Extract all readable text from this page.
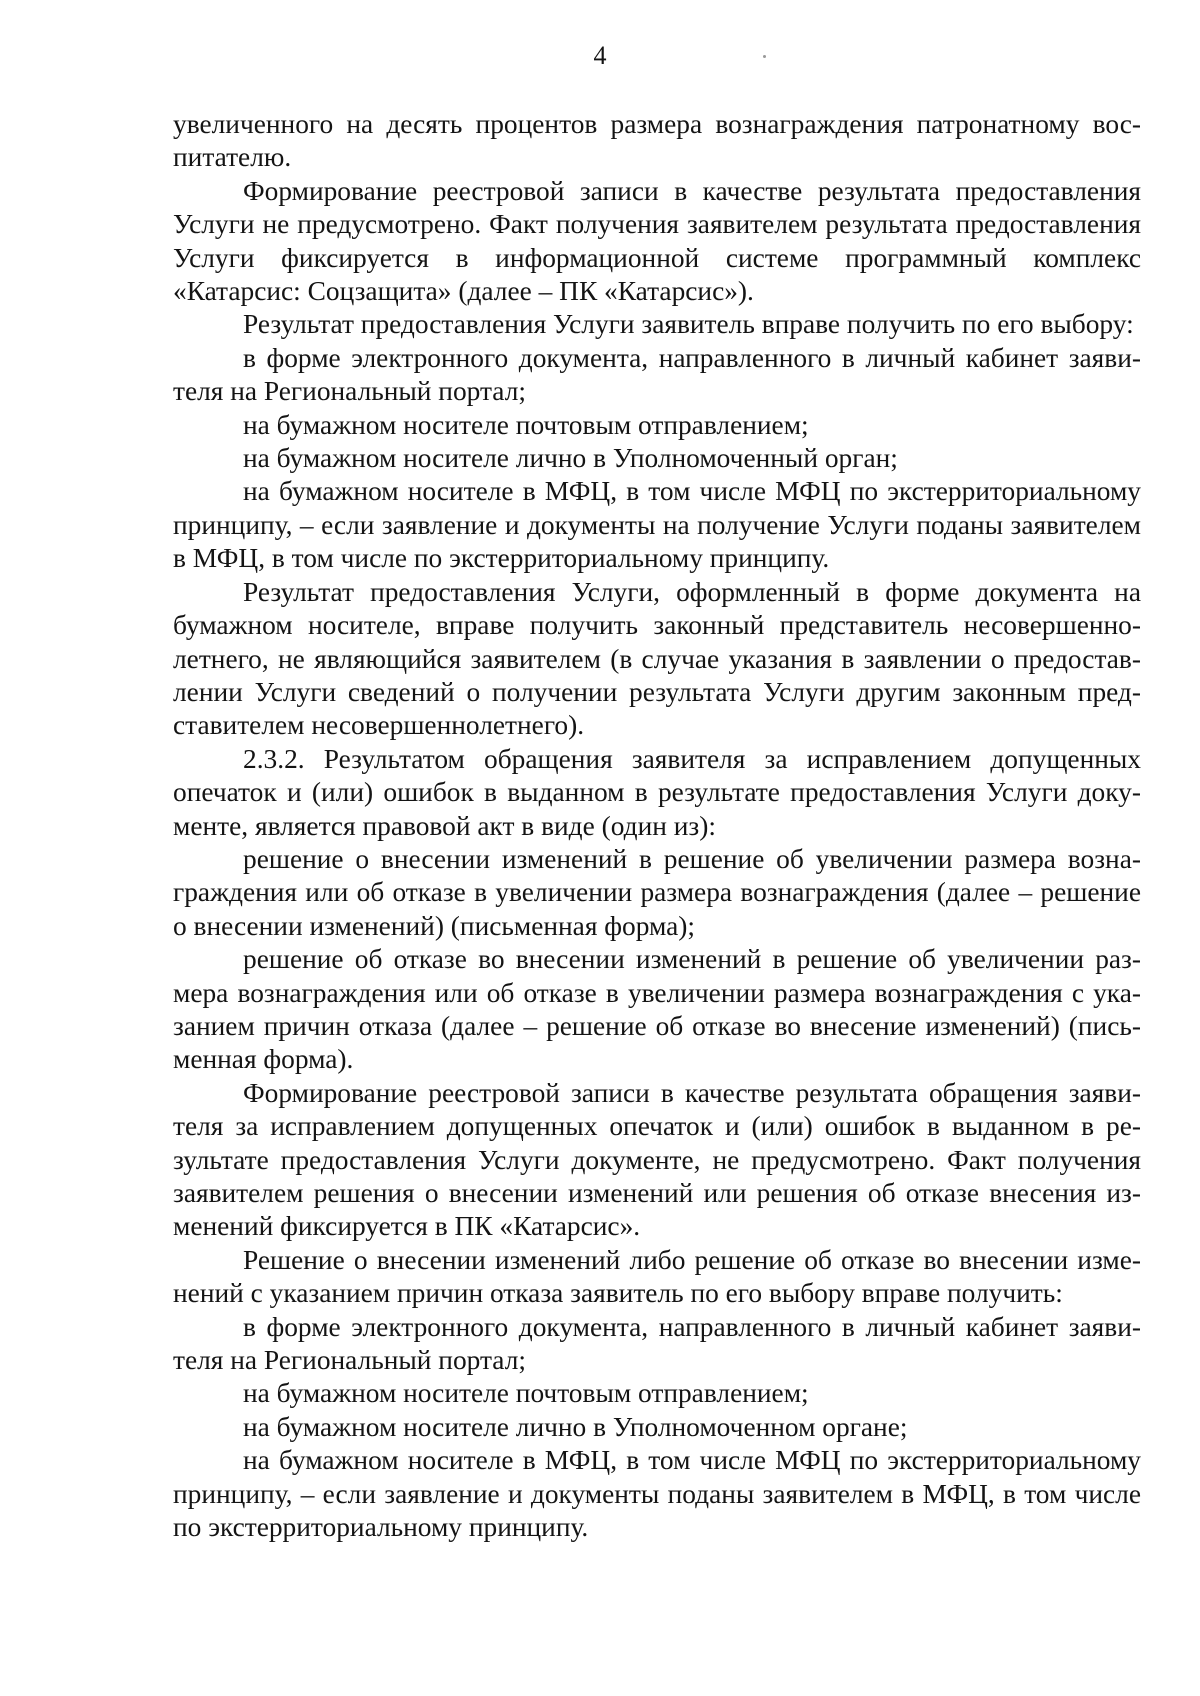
4

увеличенного на десять процентов размера вознаграждения патронатному воспитателю.

Формирование реестровой записи в качестве результата предоставления Услуги не предусмотрено. Факт получения заявителем результата предоставления Услуги фиксируется в информационной системе программный комплекс «Катарсис: Соцзащита» (далее – ПК «Катарсис»).

Результат предоставления Услуги заявитель вправе получить по его выбору:

в форме электронного документа, направленного в личный кабинет заявителя на Региональный портал;

на бумажном носителе почтовым отправлением;

на бумажном носителе лично в Уполномоченный орган;

на бумажном носителе в МФЦ, в том числе МФЦ по экстерриториальному принципу, – если заявление и документы на получение Услуги поданы заявителем в МФЦ, в том числе по экстерриториальному принципу.

Результат предоставления Услуги, оформленный в форме документа на бумажном носителе, вправе получить законный представитель несовершеннолетнего, не являющийся заявителем (в случае указания в заявлении о предоставлении Услуги сведений о получении результата Услуги другим законным представителем несовершеннолетнего).

2.3.2. Результатом обращения заявителя за исправлением допущенных опечаток и (или) ошибок в выданном в результате предоставления Услуги документе, является правовой акт в виде (один из):

решение о внесении изменений в решение об увеличении размера вознаграждения или об отказе в увеличении размера вознаграждения (далее – решение о внесении изменений) (письменная форма);

решение об отказе во внесении изменений в решение об увеличении размера вознаграждения или об отказе в увеличении размера вознаграждения с указанием причин отказа (далее – решение об отказе во внесение изменений) (письменная форма).

Формирование реестровой записи в качестве результата обращения заявителя за исправлением допущенных опечаток и (или) ошибок в выданном в результате предоставления Услуги документе, не предусмотрено. Факт получения заявителем решения о внесении изменений или решения об отказе внесения изменений фиксируется в ПК «Катарсис».

Решение о внесении изменений либо решение об отказе во внесении изменений с указанием причин отказа заявитель по его выбору вправе получить:

в форме электронного документа, направленного в личный кабинет заявителя на Региональный портал;

на бумажном носителе почтовым отправлением;

на бумажном носителе лично в Уполномоченном органе;

на бумажном носителе в МФЦ, в том числе МФЦ по экстерриториальному принципу, – если заявление и документы поданы заявителем в МФЦ, в том числе по экстерриториальному принципу.
